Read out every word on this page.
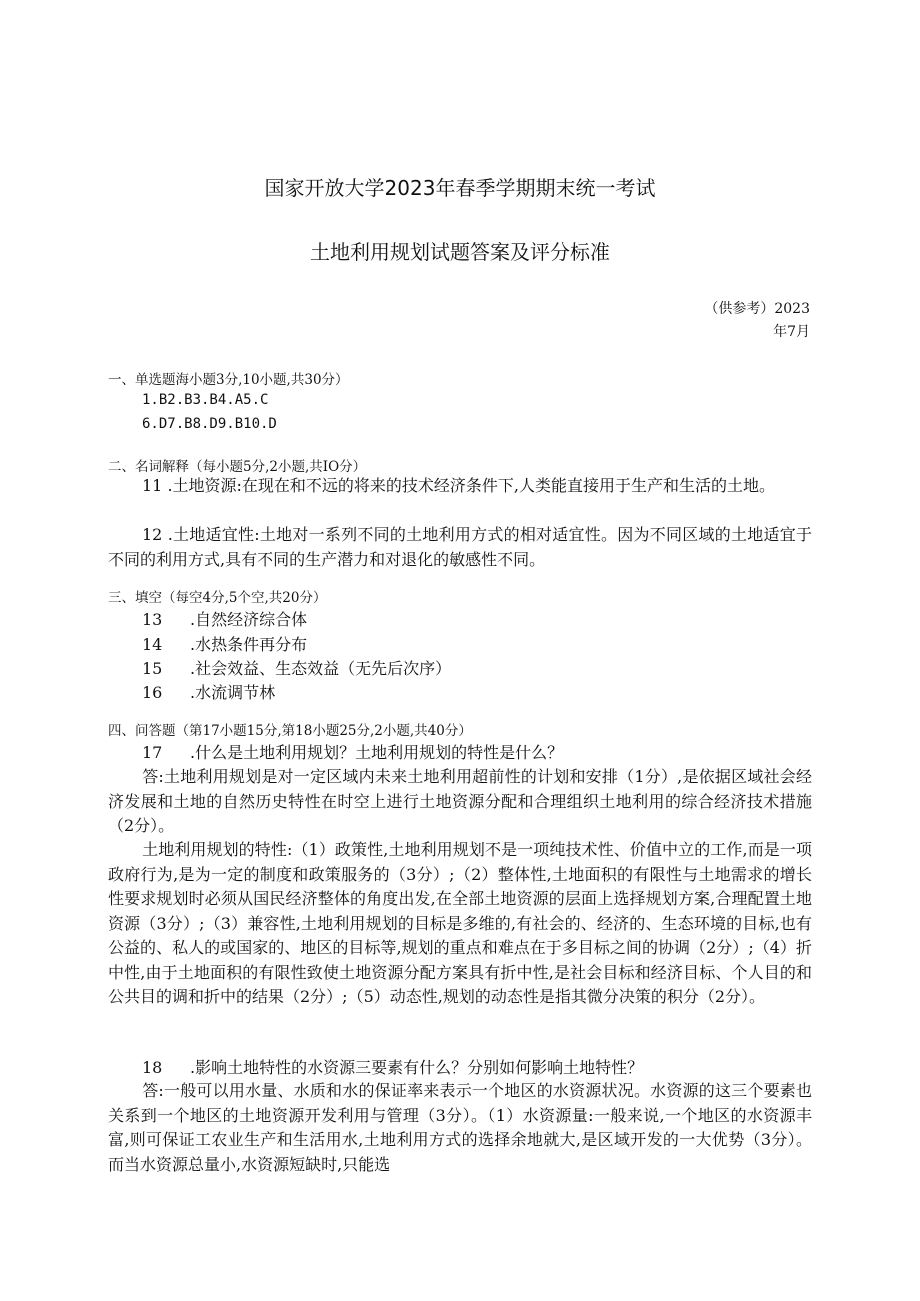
国家开放大学2023年春季学期期末统一考试
土地利用规划试题答案及评分标准
（供参考）2023
年7月
一、单选题海小题3分,10小题,共30分）
1.B2.B3.B4.A5.C
6.D7.B8.D9.B10.D
二、名词解释（每小题5分,2小题,共IO分）
11 .土地资源:在现在和不远的将来的技术经济条件下,人类能直接用于生产和生活的土地。
12 .土地适宜性:土地对一系列不同的土地利用方式的相对适宜性。因为不同区域的土地适宜于不同的利用方式,具有不同的生产潜力和对退化的敏感性不同。
三、填空（每空4分,5个空,共20分）
13 .自然经济综合体
14 .水热条件再分布
15 .社会效益、生态效益（无先后次序）
16 .水流调节林
四、问答题（第17小题15分,第18小题25分,2小题,共40分）
17 .什么是土地利用规划？土地利用规划的特性是什么？
答:土地利用规划是对一定区域内未来土地利用超前性的计划和安排（1分）,是依据区域社会经济发展和土地的自然历史特性在时空上进行土地资源分配和合理组织土地利用的综合经济技术措施（2分）。
土地利用规划的特性:（1）政策性,土地利用规划不是一项纯技术性、价值中立的工作,而是一项政府行为,是为一定的制度和政策服务的（3分）;（2）整体性,土地面积的有限性与土地需求的增长性要求规划时必须从国民经济整体的角度出发,在全部土地资源的层面上选择规划方案,合理配置土地资源（3分）;（3）兼容性,土地利用规划的目标是多维的,有社会的、经济的、生态环境的目标,也有公益的、私人的或国家的、地区的目标等,规划的重点和难点在于多目标之间的协调（2分）;（4）折中性,由于土地面积的有限性致使土地资源分配方案具有折中性,是社会目标和经济目标、个人目的和公共目的调和折中的结果（2分）;（5）动态性,规划的动态性是指其微分决策的积分（2分）。
18 .影响土地特性的水资源三要素有什么？分别如何影响土地特性？
答:一般可以用水量、水质和水的保证率来表示一个地区的水资源状况。水资源的这三个要素也关系到一个地区的土地资源开发利用与管理（3分）。（1）水资源量:一般来说,一个地区的水资源丰富,则可保证工农业生产和生活用水,土地利用方式的选择余地就大,是区域开发的一大优势（3分）。而当水资源总量小,水资源短缺时,只能选
